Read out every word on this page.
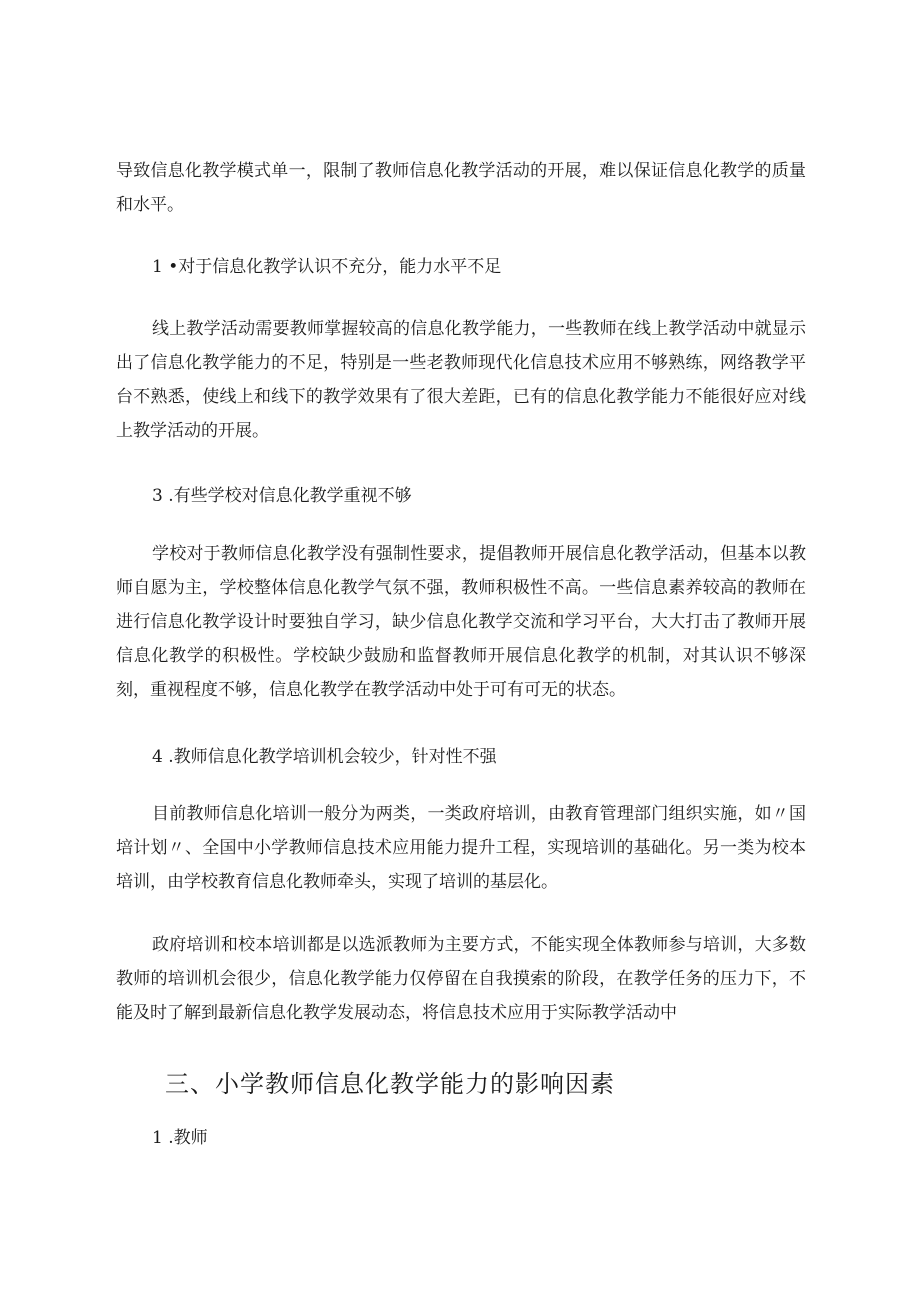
导致信息化教学模式单一，限制了教师信息化教学活动的开展，难以保证信息化教学的质量和水平。

1 •对于信息化教学认识不充分，能力水平不足

线上教学活动需要教师掌握较高的信息化教学能力，一些教师在线上教学活动中就显示出了信息化教学能力的不足，特别是一些老教师现代化信息技术应用不够熟练，网络教学平台不熟悉，使线上和线下的教学效果有了很大差距，已有的信息化教学能力不能很好应对线上教学活动的开展。

3 .有些学校对信息化教学重视不够

学校对于教师信息化教学没有强制性要求，提倡教师开展信息化教学活动，但基本以教师自愿为主，学校整体信息化教学气氛不强，教师积极性不高。一些信息素养较高的教师在进行信息化教学设计时要独自学习，缺少信息化教学交流和学习平台，大大打击了教师开展信息化教学的积极性。学校缺少鼓励和监督教师开展信息化教学的机制，对其认识不够深刻，重视程度不够，信息化教学在教学活动中处于可有可无的状态。

4 .教师信息化教学培训机会较少，针对性不强

目前教师信息化培训一般分为两类，一类政府培训，由教育管理部门组织实施，如〃国培计划〃、全国中小学教师信息技术应用能力提升工程，实现培训的基础化。另一类为校本培训，由学校教育信息化教师牵头，实现了培训的基层化。

政府培训和校本培训都是以选派教师为主要方式，不能实现全体教师参与培训，大多数教师的培训机会很少，信息化教学能力仅停留在自我摸索的阶段，在教学任务的压力下，不能及时了解到最新信息化教学发展动态，将信息技术应用于实际教学活动中

三、小学教师信息化教学能力的影响因素

1 .教师
